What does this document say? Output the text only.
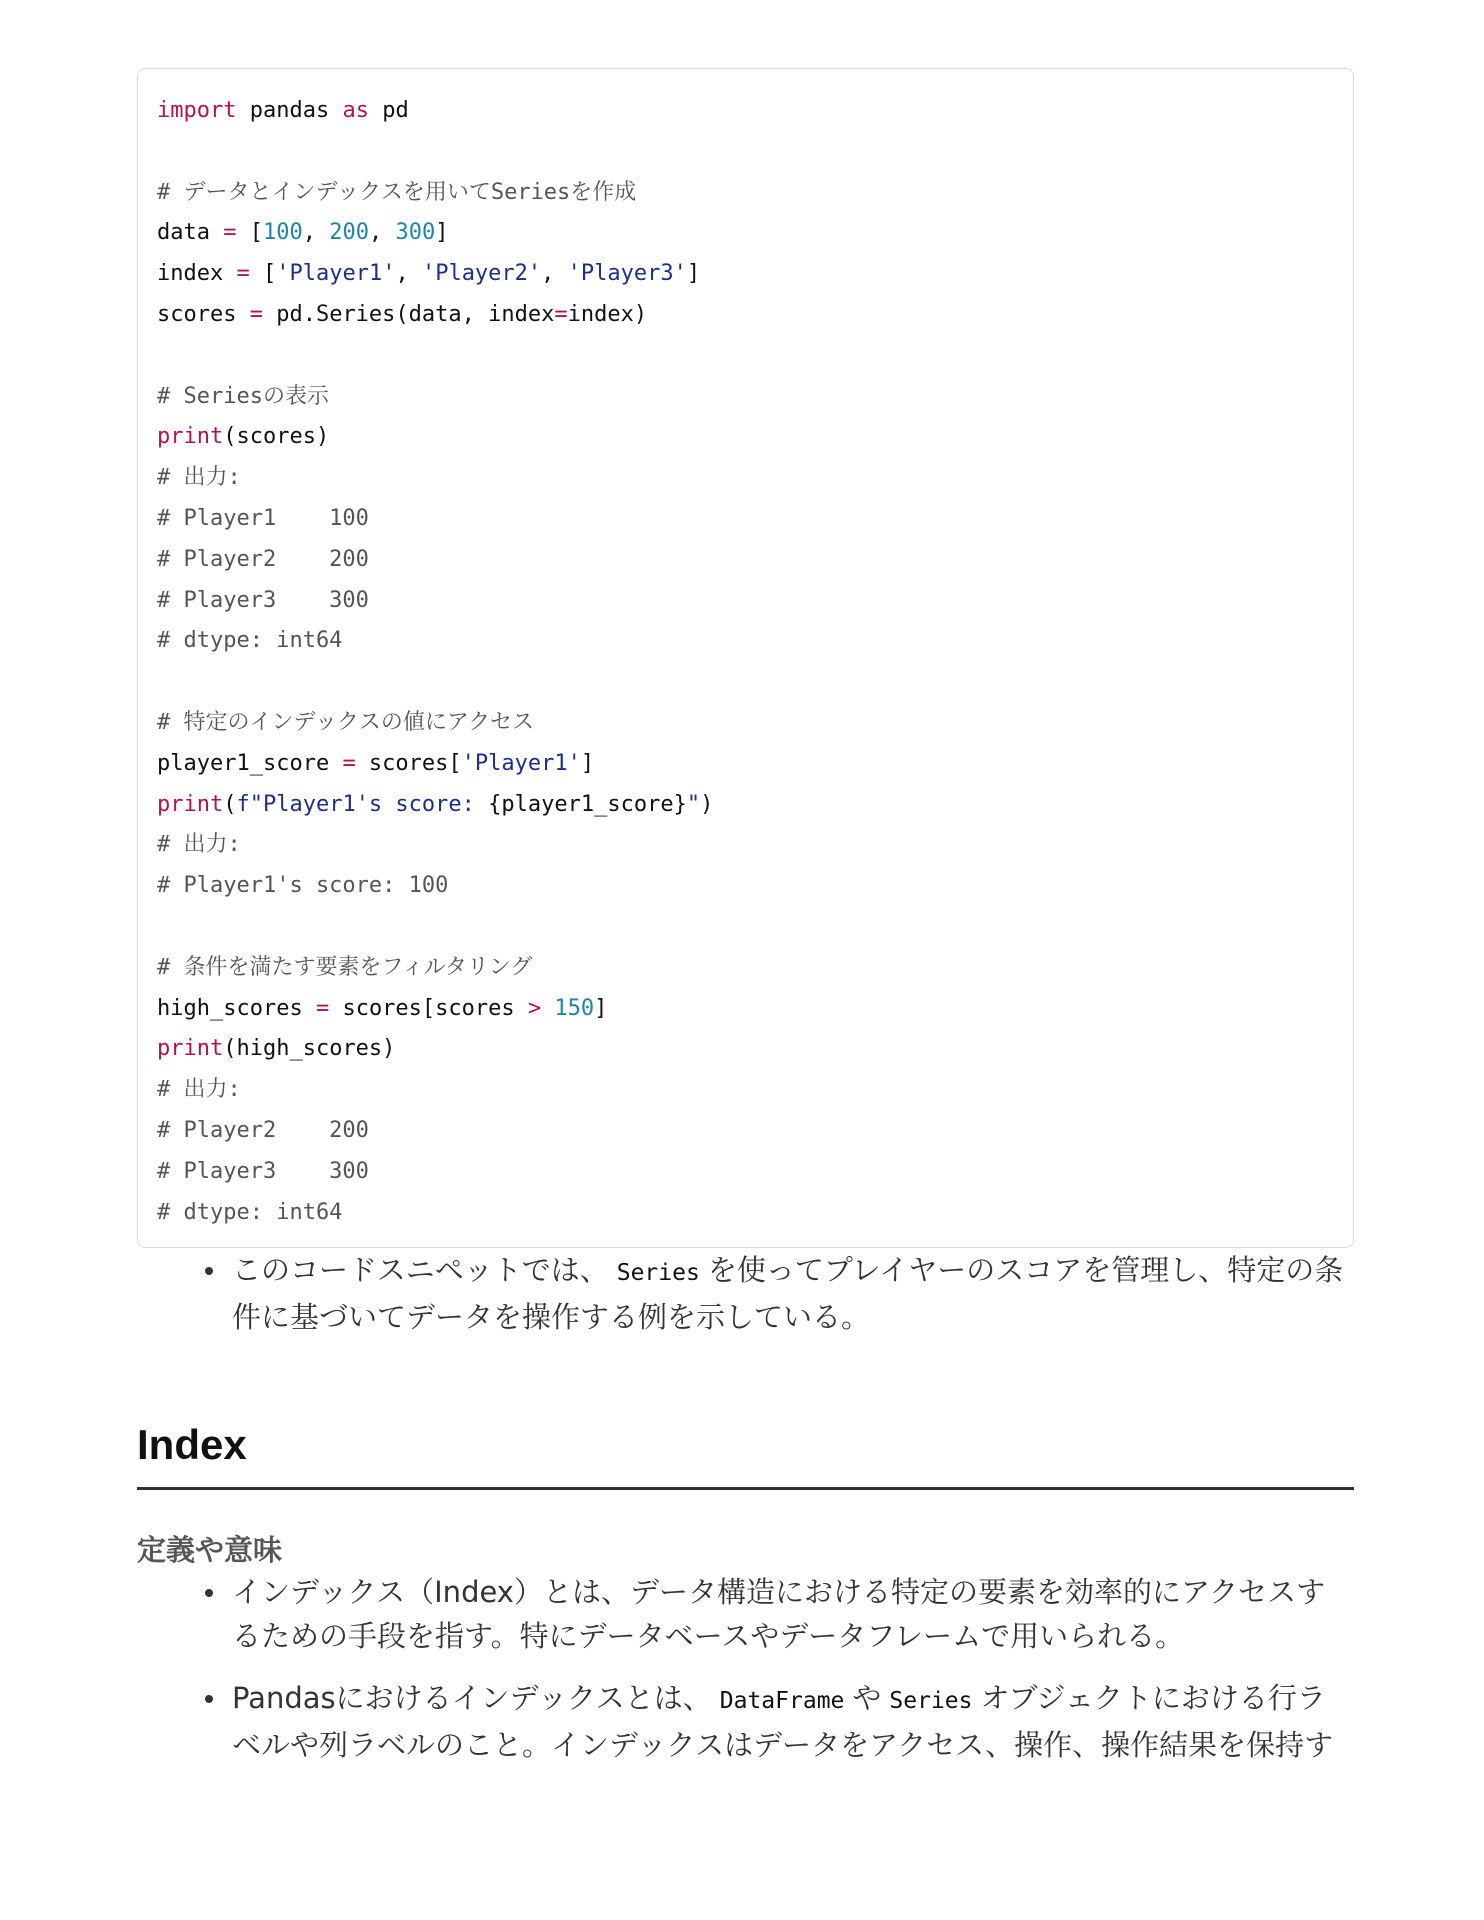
import pandas as pd
# データとインデックスを用いてSeriesを作成
data = [100, 200, 300]
index = ['Player1', 'Player2', 'Player3']
scores = pd.Series(data, index=index)
# Seriesの表示
print(scores)
# 出力:
# Player1    100
# Player2    200
# Player3    300
# dtype: int64
# 特定のインデックスの値にアクセス
player1_score = scores['Player1']
print(f"Player1's score: {player1_score}")
# 出力:
# Player1's score: 100
# 条件を満たす要素をフィルタリング
high_scores = scores[scores > 150]
print(high_scores)
# 出力:
# Player2    200
# Player3    300
# dtype: int64
このコードスニペットでは、 Series を使ってプレイヤーのスコアを管理し、特定の条件に基づいてデータを操作する例を示している。
Index
定義や意味
インデックス（Index）とは、データ構造における特定の要素を効率的にアクセスするための手段を指す。特にデータベースやデータフレームで用いられる。
Pandasにおけるインデックスとは、 DataFrame や Series オブジェクトにおける行ラベルや列ラベルのこと。インデックスはデータをアクセス、操作、操作結果を保持す
